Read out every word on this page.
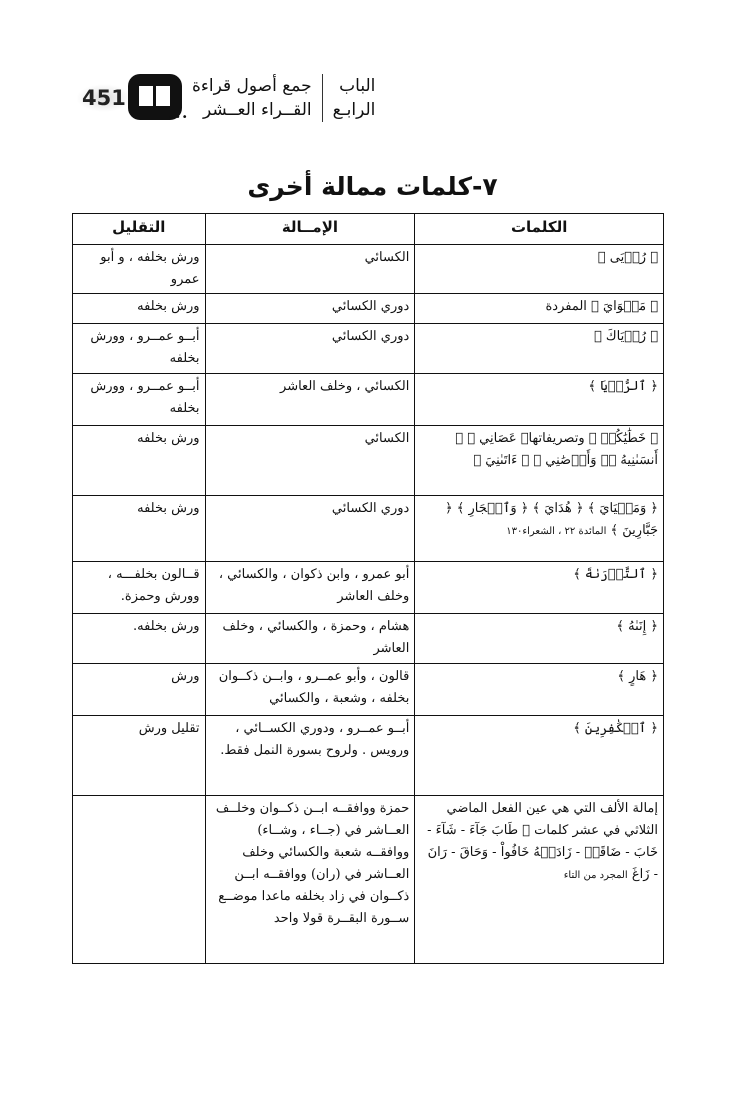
451
•••
الباب
الرابـع
جمع أصول قراءة
القــراء العــشر
٧-كلمات ممالة أخرى
الكلمات	الإمــالة	التقليل
﴿ رُءۡيَى ﴾	الكسائي	ورش بخلفه ، و أبو عمرو
﴿ مَثۡوَايَ ﴾ المفردة	دوري الكسائي	ورش بخلفه
﴿ رُءۡيَاكَ ﴾	دوري الكسائي	أبــو عمــرو ، وورش بخلفه
﴿ ٱلرُّءۡيَا ﴾	الكسائي ، وخلف العاشر	أبــو عمــرو ، وورش بخلفه
﴿ خَطَٰيَٰكُمۡ ﴾ وتصريفاتها﴿ عَصَانِي ﴾ ﴿ أَنسَىٰنِيهُ ﴾﴿ وَأَوۡصَٰنِي ﴾ ﴿ ءَاتَىٰنِيَ ﴾	الكسائي	ورش بخلفه
﴿ وَمَحۡيَايَ ﴾ ﴿ هُدَايَ ﴾ ﴿ وَٱلۡجَارِ ﴾ ﴿ جَبَّارِينَ ﴾ المائدة ٢٢ ، الشعراء١٣٠	دوري الكسائي	ورش بخلفه
﴿ ٱلتَّوۡرَىٰةَ ﴾	أبو عمرو ، وابن ذكوان ، والكسائي ، وخلف العاشر	قــالون بخلفـــه ، وورش وحمزة.
﴿ إِنَىٰهُ ﴾	هشام ، وحمزة ، والكسائي ، وخلف العاشر	ورش بخلفه.
﴿ هَارٍ ﴾	قالون ، وأبو عمــرو ، وابــن ذكــوان بخلفه ، وشعبة ، والكسائي	ورش
﴿ ٱلۡكَٰفِرِينَ ﴾	أبــو عمــرو ، ودوري الكســائي ، ورويس . ولروح بسورة النمل فقط.	تقليل ورش
إمالة الألف التي هي عين الفعل الماضي الثلاثي في عشر كلمات ﴿ طَابَ جَآءَ - شَآءَ - خَابَ - ضَاقَتۡ - زَادَتۡهُ خَافُواْ - وَحَاقَ - رَانَ - زَاغَ المجرد من التاء	حمزة ووافقــه ابــن ذكــوان وخلــف العــاشر في (جــاء ، وشــاء) ووافقــه شعبة والكسائي وخلف العــاشر في (ران) ووافقــه ابــن ذكــوان في زاد بخلفه ماعدا موضــع ســورة البقــرة قولا واحد	
